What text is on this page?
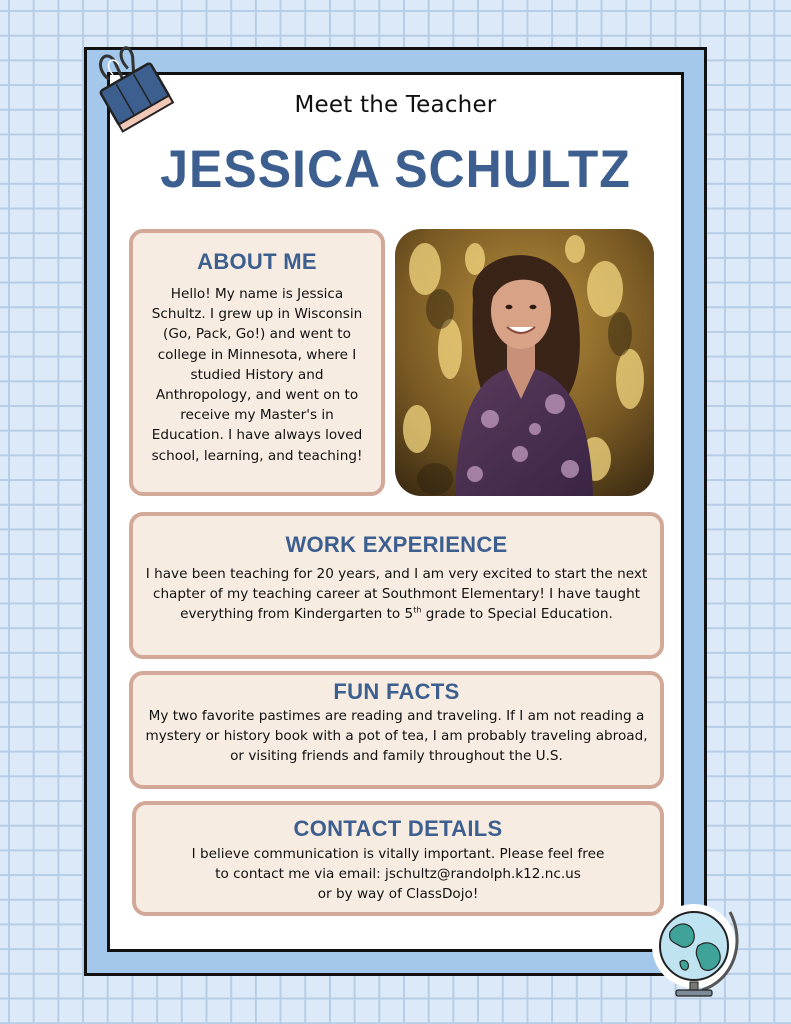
Meet the Teacher
JESSICA SCHULTZ
ABOUT ME
Hello! My name is Jessica Schultz. I grew up in Wisconsin (Go, Pack, Go!) and went to college in Minnesota, where I studied History and Anthropology, and went on to receive my Master's in Education. I have always loved school, learning, and teaching!
WORK EXPERIENCE
I have been teaching for 20 years, and I am very excited to start the next chapter of my teaching career at Southmont Elementary! I have taught everything from Kindergarten to 5th grade to Special Education.
FUN FACTS
My two favorite pastimes are reading and traveling. If I am not reading a mystery or history book with a pot of tea, I am probably traveling abroad, or visiting friends and family throughout the U.S.
CONTACT DETAILS
I believe communication is vitally important. Please feel free
to contact me via email: jschultz@randolph.k12.nc.us
or by way of ClassDojo!
